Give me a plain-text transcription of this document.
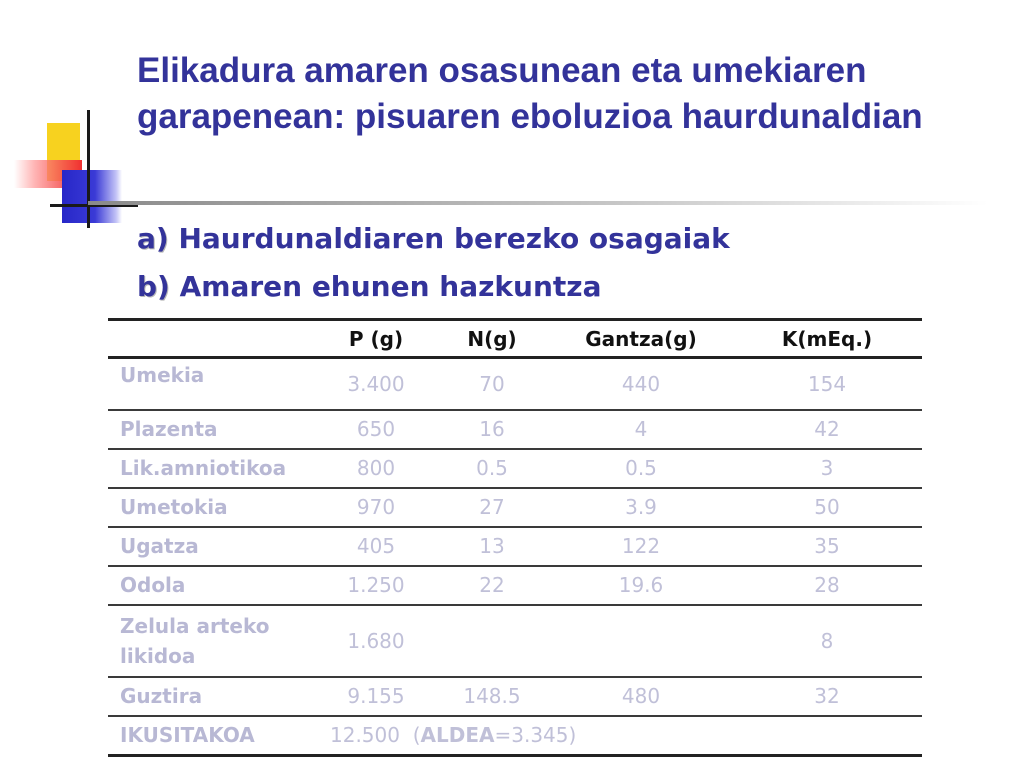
Elikadura amaren osasunean eta umekiaren garapenean: pisuaren eboluzioa haurdunaldian
a) Haurdunaldiaren berezko osagaiak
b) Amaren ehunen hazkuntza
	P (g)	N(g)	Gantza(g)	K(mEq.)
Umekia	3.400	70	440	154
Plazenta	650	16	4	42
Lik.amniotikoa	800	0.5	0.5	3
Umetokia	970	27	3.9	50
Ugatza	405	13	122	35
Odola	1.250	22	19.6	28
Zelula arteko likidoa	1.680			8
Guztira	9.155	148.5	480	32
IKUSITAKOA	12.500 (ALDEA=3.345)			
